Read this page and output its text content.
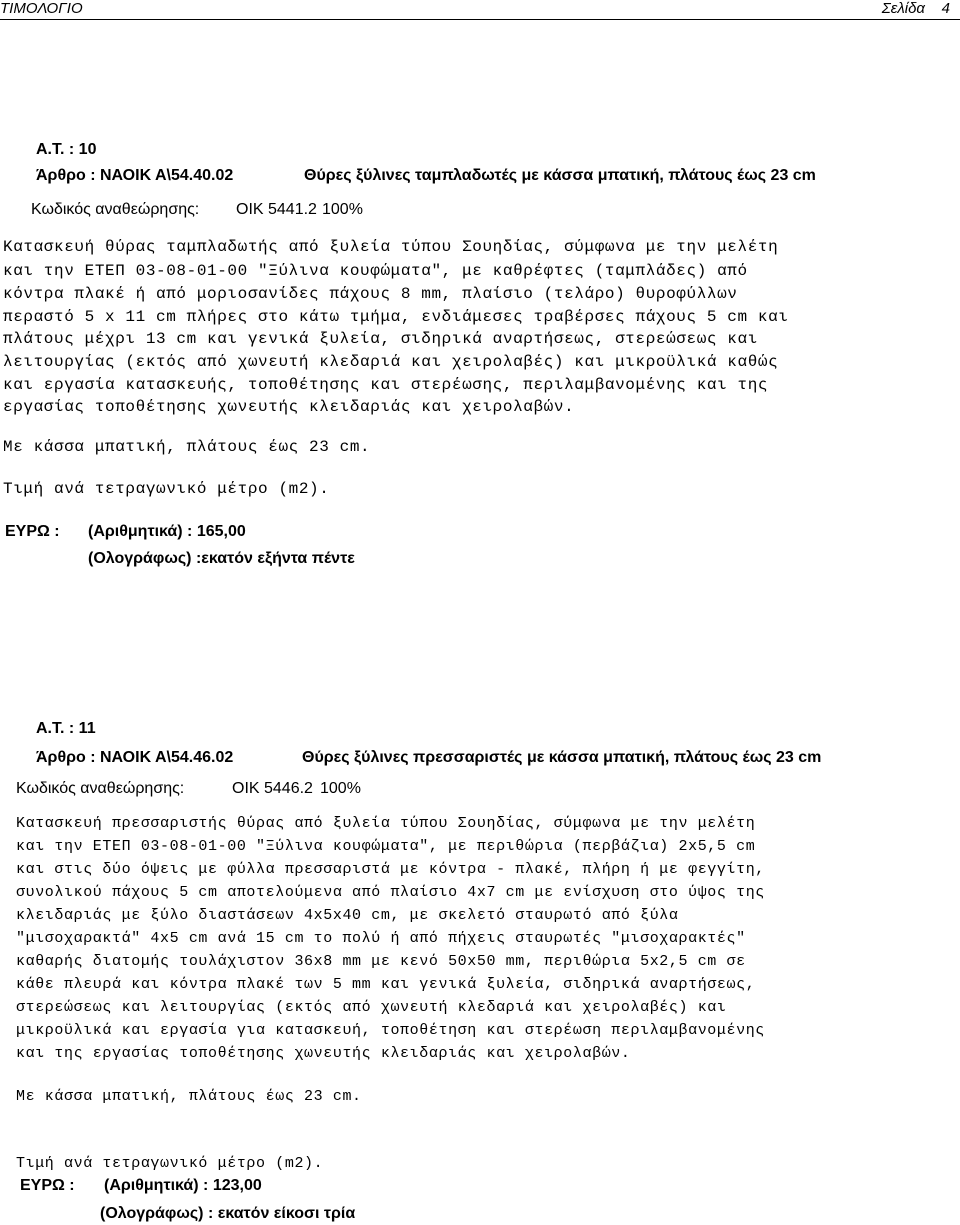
ΤΙΜΟΛΟΓΙΟ	Σελίδα 4
Α.Τ. : 10
Άρθρο : ΝΑΟΙΚ Α\54.40.02	Θύρες ξύλινες ταμπλαδωτές με κάσσα μπατική, πλάτους έως 23 cm
Κωδικός αναθεώρησης: ΟΙΚ 5441.2 100%
Κατασκευή θύρας ταμπλαδωτής από ξυλεία τύπου Σουηδίας, σύμφωνα με την μελέτη
και την ΕΤΕΠ 03-08-01-00 "Ξύλινα κουφώματα", με καθρέφτες (ταμπλάδες) από
κόντρα πλακέ ή από μοριοσανίδες πάχους 8 mm, πλαίσιο (τελάρο) θυροφύλλων
περαστό 5 x 11 cm πλήρες στο κάτω τμήμα, ενδιάμεσες τραβέρσες πάχους 5 cm και
πλάτους μέχρι 13 cm και γενικά ξυλεία, σιδηρικά αναρτήσεως, στερεώσεως και
λειτουργίας (εκτός από χωνευτή κλεδαριά και χειρολαβές) και μικροϋλικά καθώς
και εργασία κατασκευής, τοποθέτησης και στερέωσης, περιλαμβανομένης και της
εργασίας τοποθέτησης χωνευτής κλειδαριάς και χειρολαβών.
Με κάσσα μπατική, πλάτους έως 23 cm.
Τιμή ανά τετραγωνικό μέτρο (m2).
ΕΥΡΩ : (Αριθμητικά) : 165,00
(Ολογράφως) :εκατόν εξήντα πέντε
Α.Τ. : 11
Άρθρο : ΝΑΟΙΚ Α\54.46.02	Θύρες ξύλινες πρεσσαριστές με κάσσα μπατική, πλάτους έως 23 cm
Κωδικός αναθεώρησης:	ΟΙΚ 5446.2 100%
Κατασκευή πρεσσαριστής θύρας από ξυλεία τύπου Σουηδίας, σύμφωνα με την μελέτη
και την ΕΤΕΠ 03-08-01-00 "Ξύλινα κουφώματα", με περιθώρια (περβάζια) 2x5,5 cm
και στις δύο όψεις με φύλλα πρεσσαριστά με κόντρα - πλακέ, πλήρη ή με φεγγίτη,
συνολικού πάχους 5 cm αποτελούμενα από πλαίσιο 4x7 cm με ενίσχυση στο ύψος της
κλειδαριάς με ξύλο διαστάσεων 4x5x40 cm, με σκελετό σταυρωτό από ξύλα
"μισοχαρακτά" 4x5 cm ανά 15 cm το πολύ ή από πήχεις σταυρωτές "μισοχαρακτές"
καθαρής διατομής τουλάχιστον 36x8 mm με κενό 50x50 mm, περιθώρια 5x2,5 cm σε
κάθε πλευρά και κόντρα πλακέ των 5 mm και γενικά ξυλεία, σιδηρικά αναρτήσεως,
στερεώσεως και λειτουργίας (εκτός από χωνευτή κλεδαριά και χειρολαβές) και
μικροϋλικά και εργασία για κατασκευή, τοποθέτηση και στερέωση περιλαμβανομένης
και της εργασίας τοποθέτησης χωνευτής κλειδαριάς και χειρολαβών.
Με κάσσα μπατική, πλάτους έως 23 cm.
Τιμή ανά τετραγωνικό μέτρο (m2).
ΕΥΡΩ : (Αριθμητικά) : 123,00
(Ολογράφως) : εκατόν είκοσι τρία
